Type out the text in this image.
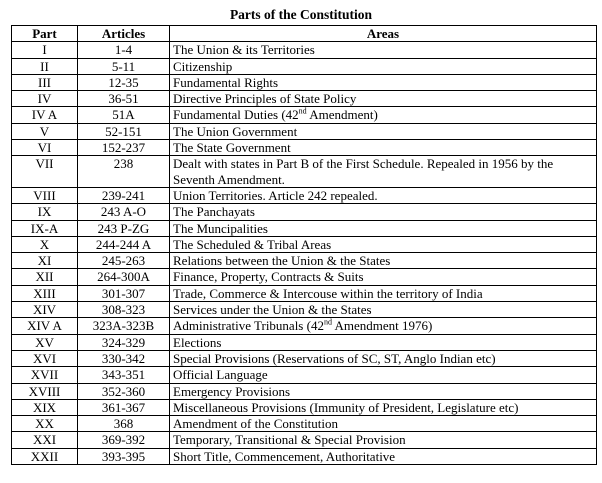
Parts of the Constitution
Part	Articles	Areas
I	1-4	The Union & its Territories
II	5-11	Citizenship
III	12-35	Fundamental Rights
IV	36-51	Directive Principles of State Policy
IV A	51A	Fundamental Duties (42nd Amendment)
V	52-151	The Union Government
VI	152-237	The State Government
VII	238	Dealt with states in Part B of the First Schedule. Repealed in 1956 by the Seventh Amendment.
VIII	239-241	Union Territories. Article 242 repealed.
IX	243 A-O	The Panchayats
IX-A	243 P-ZG	The Muncipalities
X	244-244 A	The Scheduled & Tribal Areas
XI	245-263	Relations between the Union & the States
XII	264-300A	Finance, Property, Contracts & Suits
XIII	301-307	Trade, Commerce & Intercouse within the territory of India
XIV	308-323	Services under the Union & the States
XIV A	323A-323B	Administrative Tribunals (42nd Amendment 1976)
XV	324-329	Elections
XVI	330-342	Special Provisions (Reservations of SC, ST, Anglo Indian etc)
XVII	343-351	Official Language
XVIII	352-360	Emergency Provisions
XIX	361-367	Miscellaneous Provisions (Immunity of President, Legislature etc)
XX	368	Amendment of the Constitution
XXI	369-392	Temporary, Transitional & Special Provision
XXII	393-395	Short Title, Commencement, Authoritative
